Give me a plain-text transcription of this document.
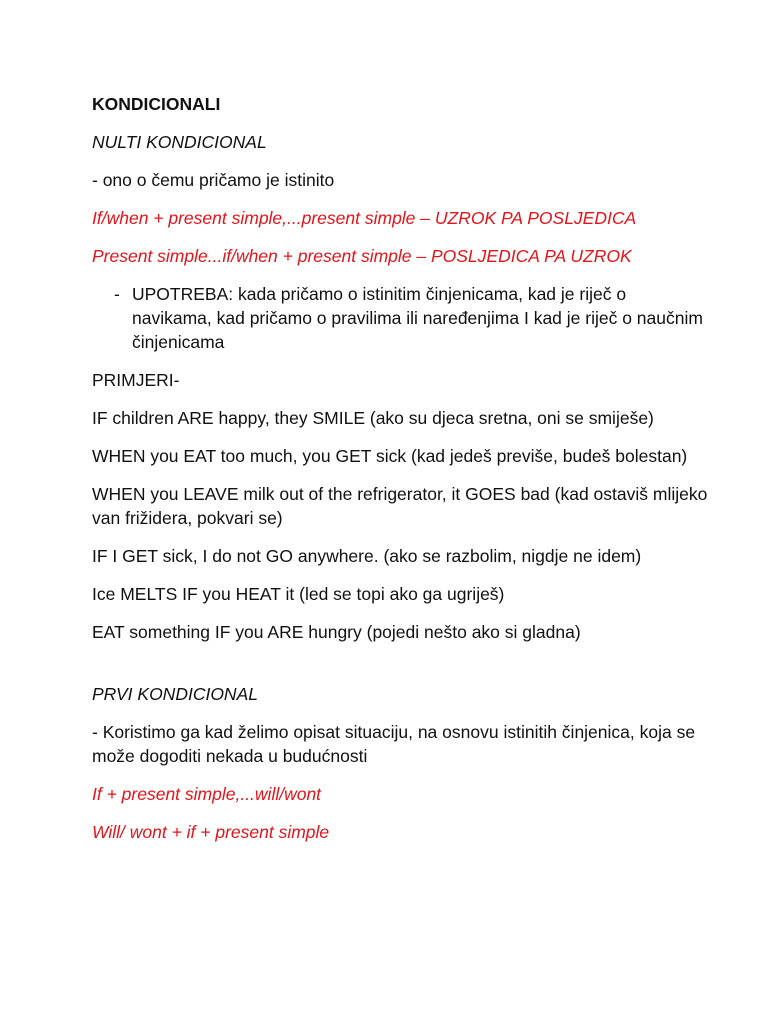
KONDICIONALI

NULTI KONDICIONAL

- ono o čemu pričamo je istinito

If/when + present simple,...present simple – UZROK PA POSLJEDICA

Present simple...if/when + present simple – POSLJEDICA PA UZROK

- UPOTREBA: kada pričamo o istinitim činjenicama, kad je riječ o navikama, kad pričamo o pravilima ili naređenjima I kad je riječ o naučnim činjenicama

PRIMJERI-

IF children ARE happy, they SMILE (ako su djeca sretna, oni se smiješe)

WHEN you EAT too much, you GET sick (kad jedeš previše, budeš bolestan)

WHEN you LEAVE milk out of the refrigerator, it GOES bad (kad ostaviš mlijeko van frižidera, pokvari se)

IF I GET sick, I do not GO anywhere. (ako se razbolim, nigdje ne idem)

Ice MELTS IF you HEAT it (led se topi ako ga ugriješ)

EAT something IF you ARE hungry (pojedi nešto ako si gladna)

PRVI KONDICIONAL

- Koristimo ga kad želimo opisat situaciju, na osnovu istinitih činjenica, koja se može dogoditi nekada u budućnosti

If + present simple,...will/wont

Will/ wont + if + present simple
